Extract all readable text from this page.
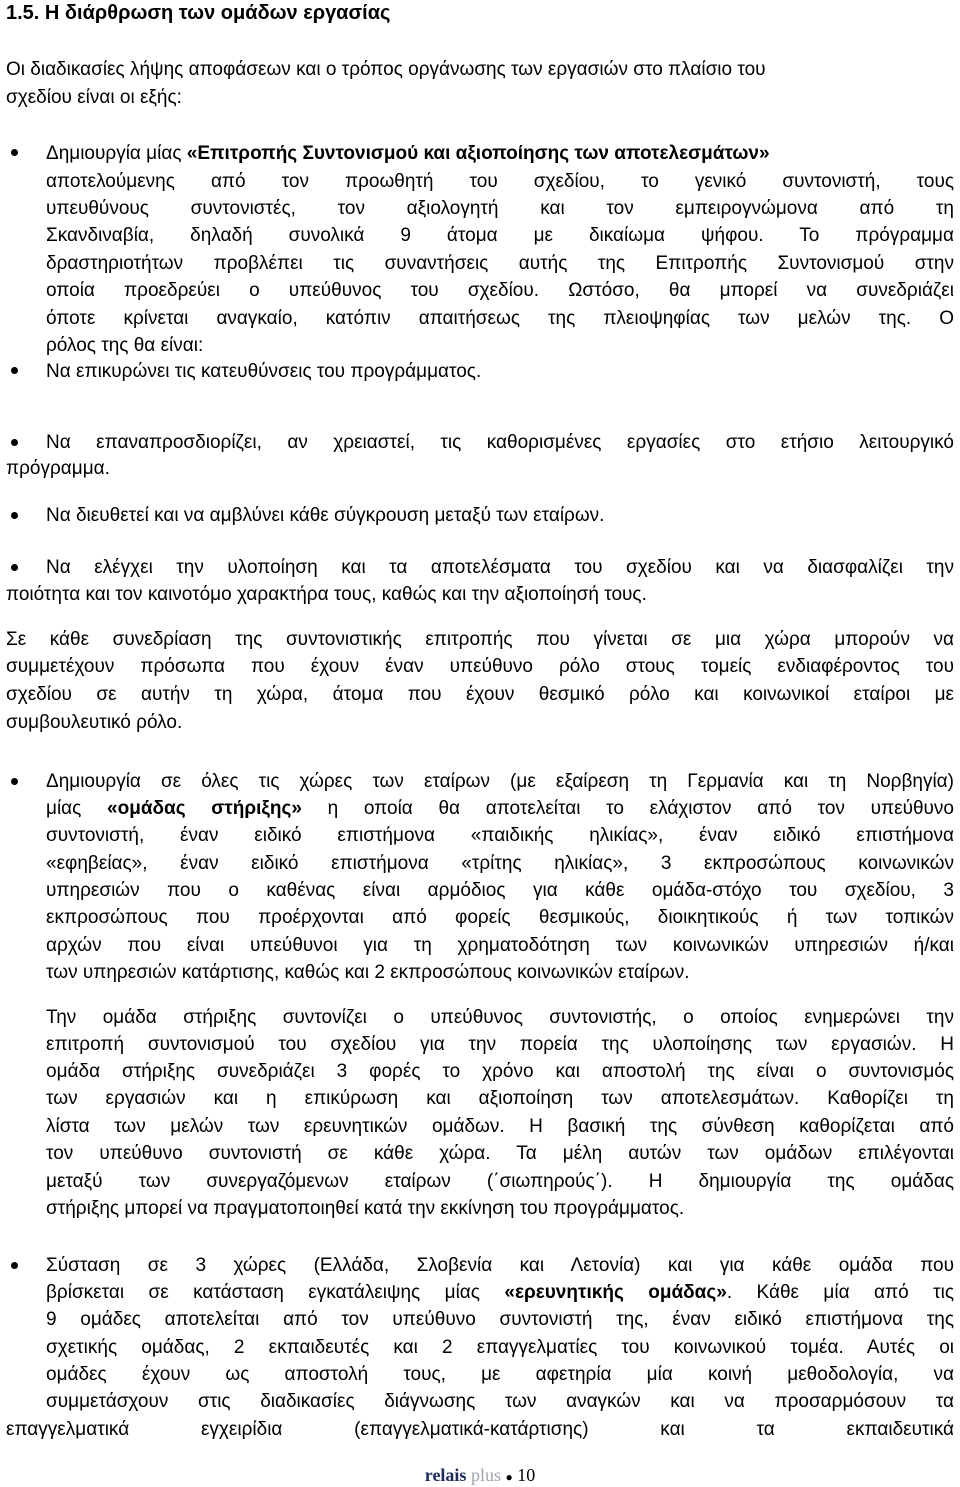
1.5. Η διάρθρωση των ομάδων εργασίας
Οι διαδικασίες λήψης αποφάσεων και ο τρόπος οργάνωσης των εργασιών στο πλαίσιο του
σχεδίου είναι οι εξής:
Δημιουργία μίας «Επιτροπής Συντονισμού και αξιοποίησης των αποτελεσμάτων»
αποτελούμενης από τον προωθητή του σχεδίου, το γενικό συντονιστή, τους
υπευθύνους συντονιστές, τον αξιολογητή και τον εμπειρογνώμονα από τη
Σκανδιναβία, δηλαδή συνολικά 9 άτομα με δικαίωμα ψήφου. Το πρόγραμμα
δραστηριοτήτων προβλέπει τις συναντήσεις αυτής της Επιτροπής Συντονισμού στην
οποία προεδρεύει ο υπεύθυνος του σχεδίου. Ωστόσο, θα μπορεί να συνεδριάζει
όποτε κρίνεται αναγκαίο, κατόπιν απαιτήσεως της πλειοψηφίας των μελών της. Ο
ρόλος της θα είναι:
Να επικυρώνει τις κατευθύνσεις του προγράμματος.
Να επαναπροσδιορίζει, αν χρειαστεί, τις καθορισμένες εργασίες στο ετήσιο λειτουργικό
πρόγραμμα.
Να διευθετεί και να αμβλύνει κάθε σύγκρουση μεταξύ των εταίρων.
Να ελέγχει την υλοποίηση και τα αποτελέσματα του σχεδίου και να διασφαλίζει την
ποιότητα και τον καινοτόμο χαρακτήρα τους, καθώς και την αξιοποίησή τους.
Σε κάθε συνεδρίαση της συντονιστικής επιτροπής που γίνεται σε μια χώρα μπορούν να
συμμετέχουν πρόσωπα που έχουν έναν υπεύθυνο ρόλο στους τομείς ενδιαφέροντος του
σχεδίου σε αυτήν τη χώρα, άτομα που έχουν θεσμικό ρόλο και κοινωνικοί εταίροι με
συμβουλευτικό ρόλο.
Δημιουργία σε όλες τις χώρες των εταίρων (με εξαίρεση τη Γερμανία και τη Νορβηγία)
μίας «ομάδας στήριξης» η οποία θα αποτελείται το ελάχιστον από τον υπεύθυνο
συντονιστή, έναν ειδικό επιστήμονα «παιδικής ηλικίας», έναν ειδικό επιστήμονα
«εφηβείας», έναν ειδικό επιστήμονα «τρίτης ηλικίας», 3 εκπροσώπους κοινωνικών
υπηρεσιών που ο καθένας είναι αρμόδιος για κάθε ομάδα-στόχο του σχεδίου, 3
εκπροσώπους που προέρχονται από φορείς θεσμικούς, διοικητικούς ή των τοπικών
αρχών που είναι υπεύθυνοι για τη χρηματοδότηση των κοινωνικών υπηρεσιών ή/και
των υπηρεσιών κατάρτισης, καθώς και 2 εκπροσώπους κοινωνικών εταίρων.
Την ομάδα στήριξης συντονίζει ο υπεύθυνος συντονιστής, ο οποίος ενημερώνει την
επιτροπή συντονισμού του σχεδίου για την πορεία της υλοποίησης των εργασιών. Η
ομάδα στήριξης συνεδριάζει 3 φορές το χρόνο και αποστολή της είναι ο συντονισμός
των εργασιών και η επικύρωση και αξιοποίηση των αποτελεσμάτων. Καθορίζει τη
λίστα των μελών των ερευνητικών ομάδων. Η βασική της σύνθεση καθορίζεται από
τον υπεύθυνο συντονιστή σε κάθε χώρα. Τα μέλη αυτών των ομάδων επιλέγονται
μεταξύ των συνεργαζόμενων εταίρων (΄σιωπηρούς΄). Η δημιουργία της ομάδας
στήριξης μπορεί να πραγματοποιηθεί κατά την εκκίνηση του προγράμματος.
Σύσταση σε 3 χώρες (Ελλάδα, Σλοβενία και Λετονία) και για κάθε ομάδα που
βρίσκεται σε κατάσταση εγκατάλειψης μίας «ερευνητικής ομάδας». Κάθε μία από τις
9 ομάδες αποτελείται από τον υπεύθυνο συντονιστή της, έναν ειδικό επιστήμονα της
σχετικής ομάδας, 2 εκπαιδευτές και 2 επαγγελματίες του κοινωνικού τομέα. Αυτές οι
ομάδες έχουν ως αποστολή τους, με αφετηρία μία κοινή μεθοδολογία, να
συμμετάσχουν στις διαδικασίες διάγνωσης των αναγκών και να προσαρμόσουν τα
επαγγελματικά εγχειρίδια (επαγγελματικά-κατάρτισης) και τα εκπαιδευτικά
relais plus ● 10
